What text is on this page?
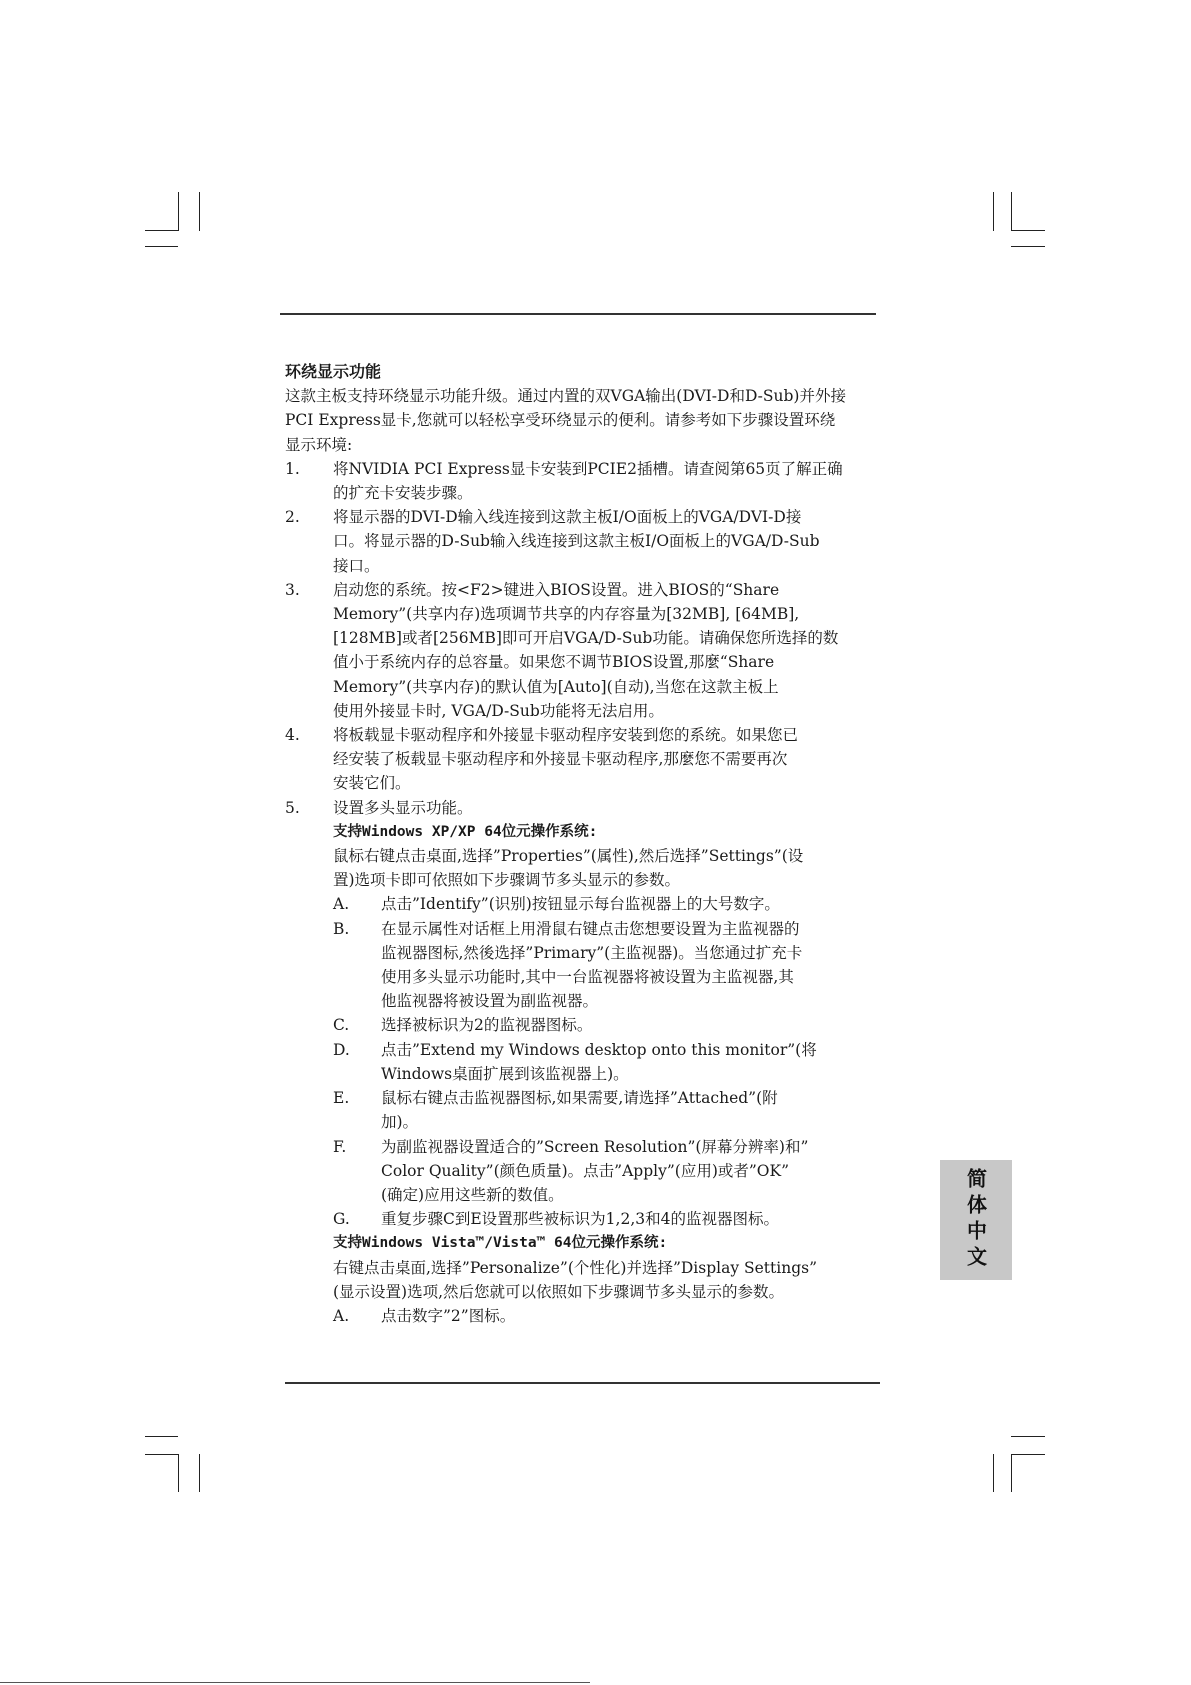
环绕显示功能

这款主板支持环绕显示功能升级。通过内置的双VGA输出(DVI-D和D-Sub)并外接

PCI Express显卡,您就可以轻松享受环绕显示的便利。请参考如下步骤设置环绕

显示环境:

1. 将NVIDIA PCI Express显卡安装到PCIE2插槽。请查阅第65页了解正确

的扩充卡安装步骤。

2. 将显示器的DVI-D输入线连接到这款主板I/O面板上的VGA/DVI-D接

口。将显示器的D-Sub输入线连接到这款主板I/O面板上的VGA/D-Sub

接口。

3. 启动您的系统。按<F2>键进入BIOS设置。进入BIOS的“Share

Memory”(共享内存)选项调节共享的内存容量为[32MB], [64MB],

[128MB]或者[256MB]即可开启VGA/D-Sub功能。请确保您所选择的数

值小于系统内存的总容量。如果您不调节BIOS设置,那麼“Share

Memory”(共享内存)的默认值为[Auto](自动),当您在这款主板上

使用外接显卡时, VGA/D-Sub功能将无法启用。

4. 将板载显卡驱动程序和外接显卡驱动程序安装到您的系统。如果您已

经安装了板载显卡驱动程序和外接显卡驱动程序,那麼您不需要再次

安装它们。

5. 设置多头显示功能。

支持Windows XP/XP 64位元操作系统:

鼠标右键点击桌面,选择”Properties”(属性),然后选择”Settings”(设

置)选项卡即可依照如下步骤调节多头显示的参数。

A. 点击”Identify”(识别)按钮显示每台监视器上的大号数字。

B. 在显示属性对话框上用滑鼠右键点击您想要设置为主监视器的

监视器图标,然後选择”Primary”(主监视器)。当您通过扩充卡

使用多头显示功能时,其中一台监视器将被设置为主监视器,其

他监视器将被设置为副监视器。

C. 选择被标识为2的监视器图标。

D. 点击”Extend my Windows desktop onto this monitor”(将

Windows桌面扩展到该监视器上)。

E. 鼠标右键点击监视器图标,如果需要,请选择”Attached”(附

加)。

F. 为副监视器设置适合的”Screen Resolution”(屏幕分辨率)和”

Color Quality”(颜色质量)。点击”Apply”(应用)或者”OK”

(确定)应用这些新的数值。

G. 重复步骤C到E设置那些被标识为1,2,3和4的监视器图标。

支持Windows Vista™/Vista™ 64位元操作系统:

右键点击桌面,选择”Personalize”(个性化)并选择”Display Settings”

(显示设置)选项,然后您就可以依照如下步骤调节多头显示的参数。

A. 点击数字”2”图标。

简体中文
